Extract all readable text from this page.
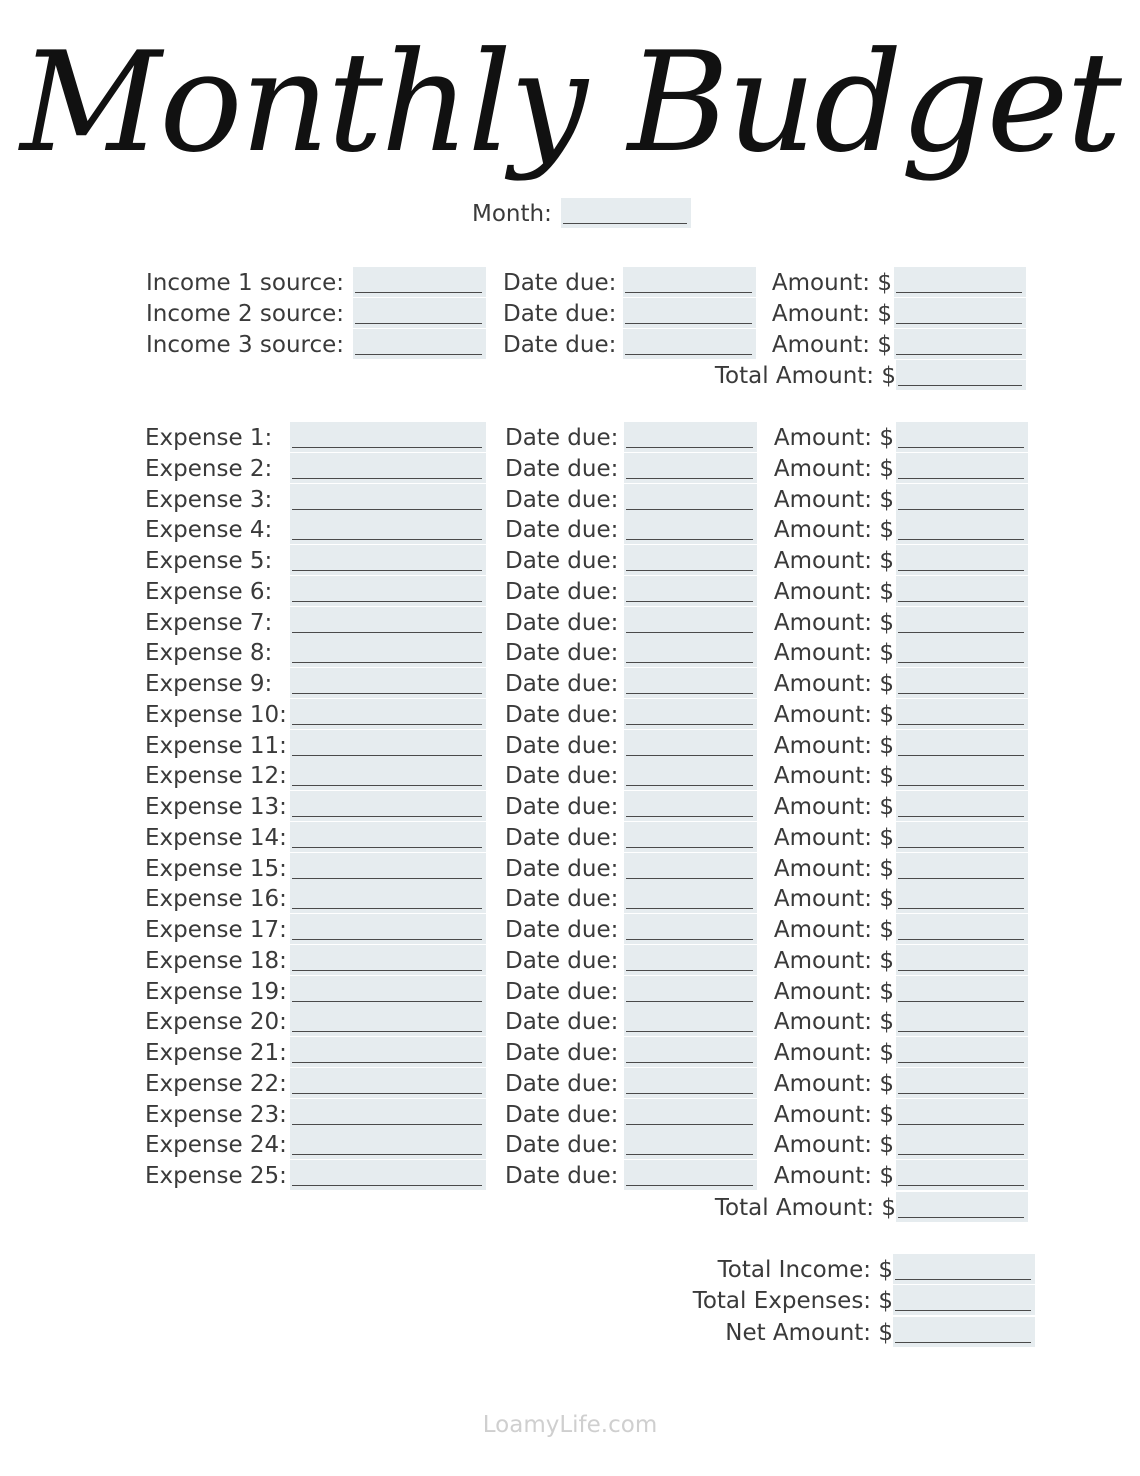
Monthly Budget
Month:
Income 1 source:	Date due:	Amount: $
Income 2 source:	Date due:	Amount: $
Income 3 source:	Date due:	Amount: $
Total Amount: $
Expense 1:	Date due:	Amount: $
Expense 2:	Date due:	Amount: $
Expense 3:	Date due:	Amount: $
Expense 4:	Date due:	Amount: $
Expense 5:	Date due:	Amount: $
Expense 6:	Date due:	Amount: $
Expense 7:	Date due:	Amount: $
Expense 8:	Date due:	Amount: $
Expense 9:	Date due:	Amount: $
Expense 10:	Date due:	Amount: $
Expense 11:	Date due:	Amount: $
Expense 12:	Date due:	Amount: $
Expense 13:	Date due:	Amount: $
Expense 14:	Date due:	Amount: $
Expense 15:	Date due:	Amount: $
Expense 16:	Date due:	Amount: $
Expense 17:	Date due:	Amount: $
Expense 18:	Date due:	Amount: $
Expense 19:	Date due:	Amount: $
Expense 20:	Date due:	Amount: $
Expense 21:	Date due:	Amount: $
Expense 22:	Date due:	Amount: $
Expense 23:	Date due:	Amount: $
Expense 24:	Date due:	Amount: $
Expense 25:	Date due:	Amount: $
Total Amount: $
Total Income: $
Total Expenses: $
Net Amount: $
LoamyLife.com
